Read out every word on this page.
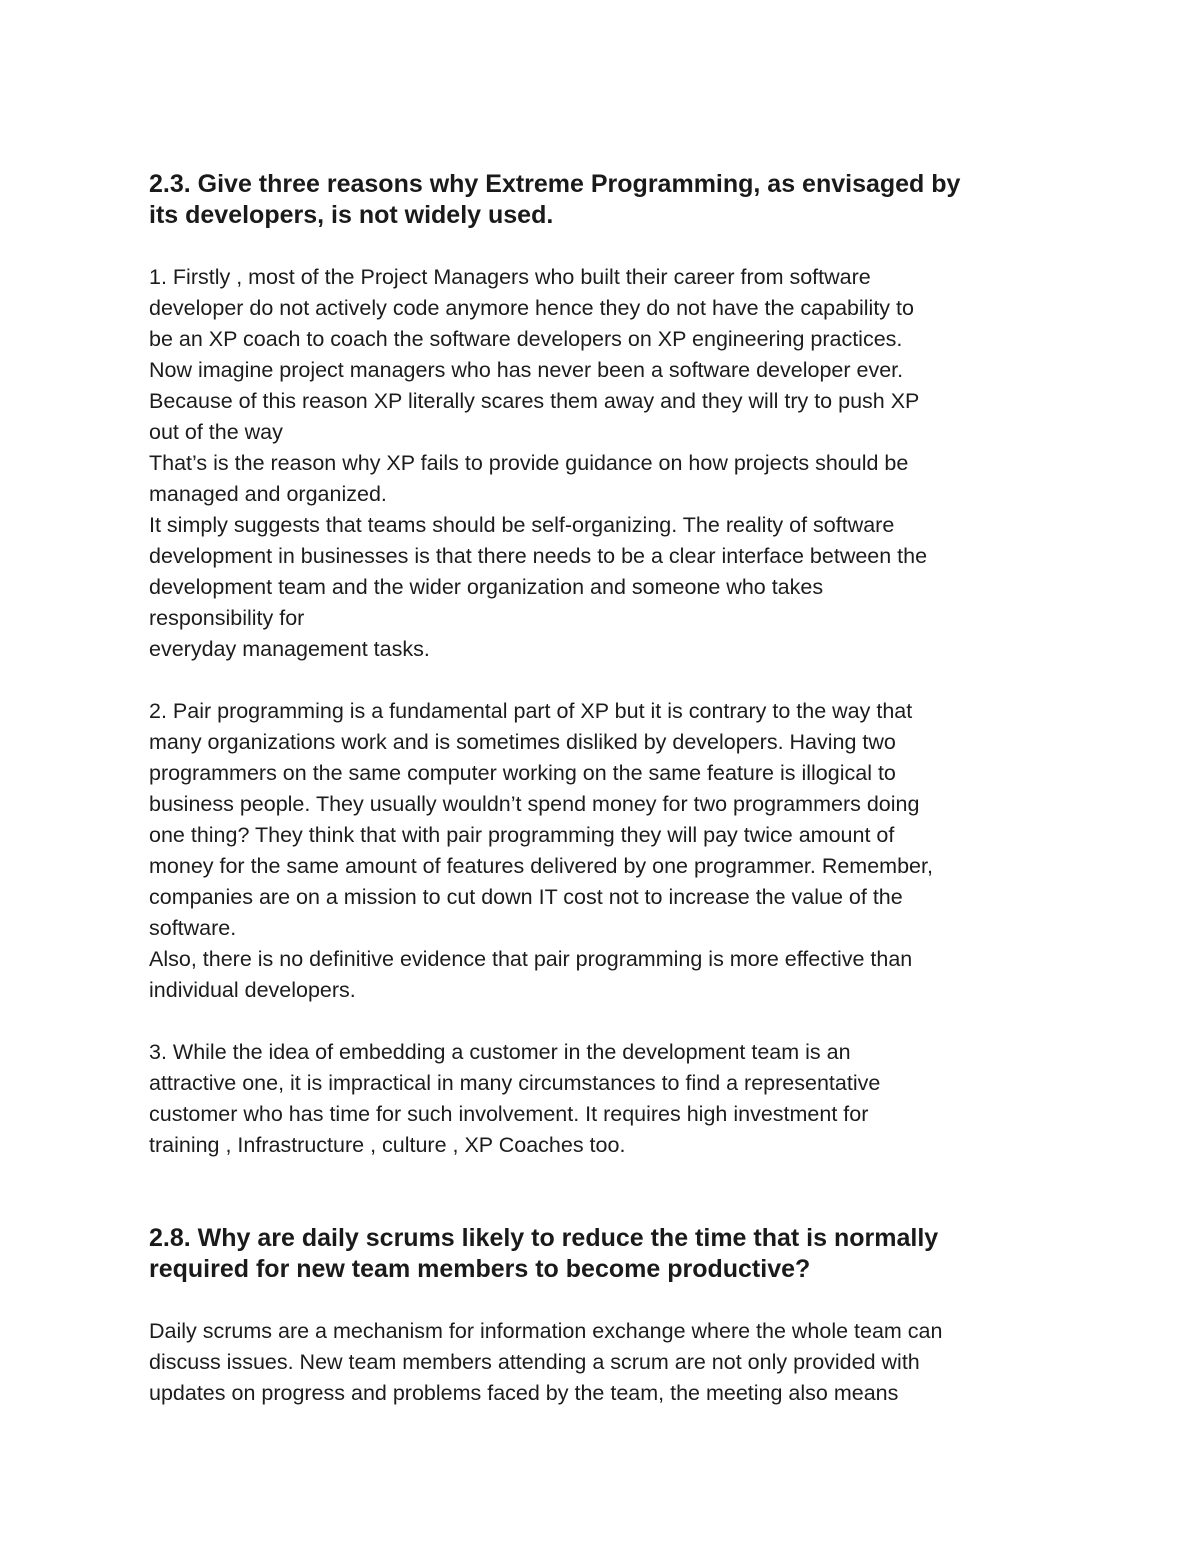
2.3. Give three reasons why Extreme Programming, as envisaged by
its developers, is not widely used.

1. Firstly , most of the Project Managers who built their career from software
developer do not actively code anymore hence they do not have the capability to
be an XP coach to coach the software developers on XP engineering practices.
Now imagine project managers who has never been a software developer ever.
Because of this reason XP literally scares them away and they will try to push XP
out of the way
That’s is the reason why XP fails to provide guidance on how projects should be
managed and organized.
It simply suggests that teams should be self-organizing. The reality of software
development in businesses is that there needs to be a clear interface between the
development team and the wider organization and someone who takes
responsibility for
everyday management tasks.

2. Pair programming is a fundamental part of XP but it is contrary to the way that
many organizations work and is sometimes disliked by developers. Having two
programmers on the same computer working on the same feature is illogical to
business people. They usually wouldn’t spend money for two programmers doing
one thing? They think that with pair programming they will pay twice amount of
money for the same amount of features delivered by one programmer. Remember,
companies are on a mission to cut down IT cost not to increase the value of the
software.
Also, there is no definitive evidence that pair programming is more effective than
individual developers.

3. While the idea of embedding a customer in the development team is an
attractive one, it is impractical in many circumstances to find a representative
customer who has time for such involvement. It requires high investment for
training , Infrastructure , culture , XP Coaches too.

2.8. Why are daily scrums likely to reduce the time that is normally
required for new team members to become productive?

Daily scrums are a mechanism for information exchange where the whole team can
discuss issues. New team members attending a scrum are not only provided with
updates on progress and problems faced by the team, the meeting also means
